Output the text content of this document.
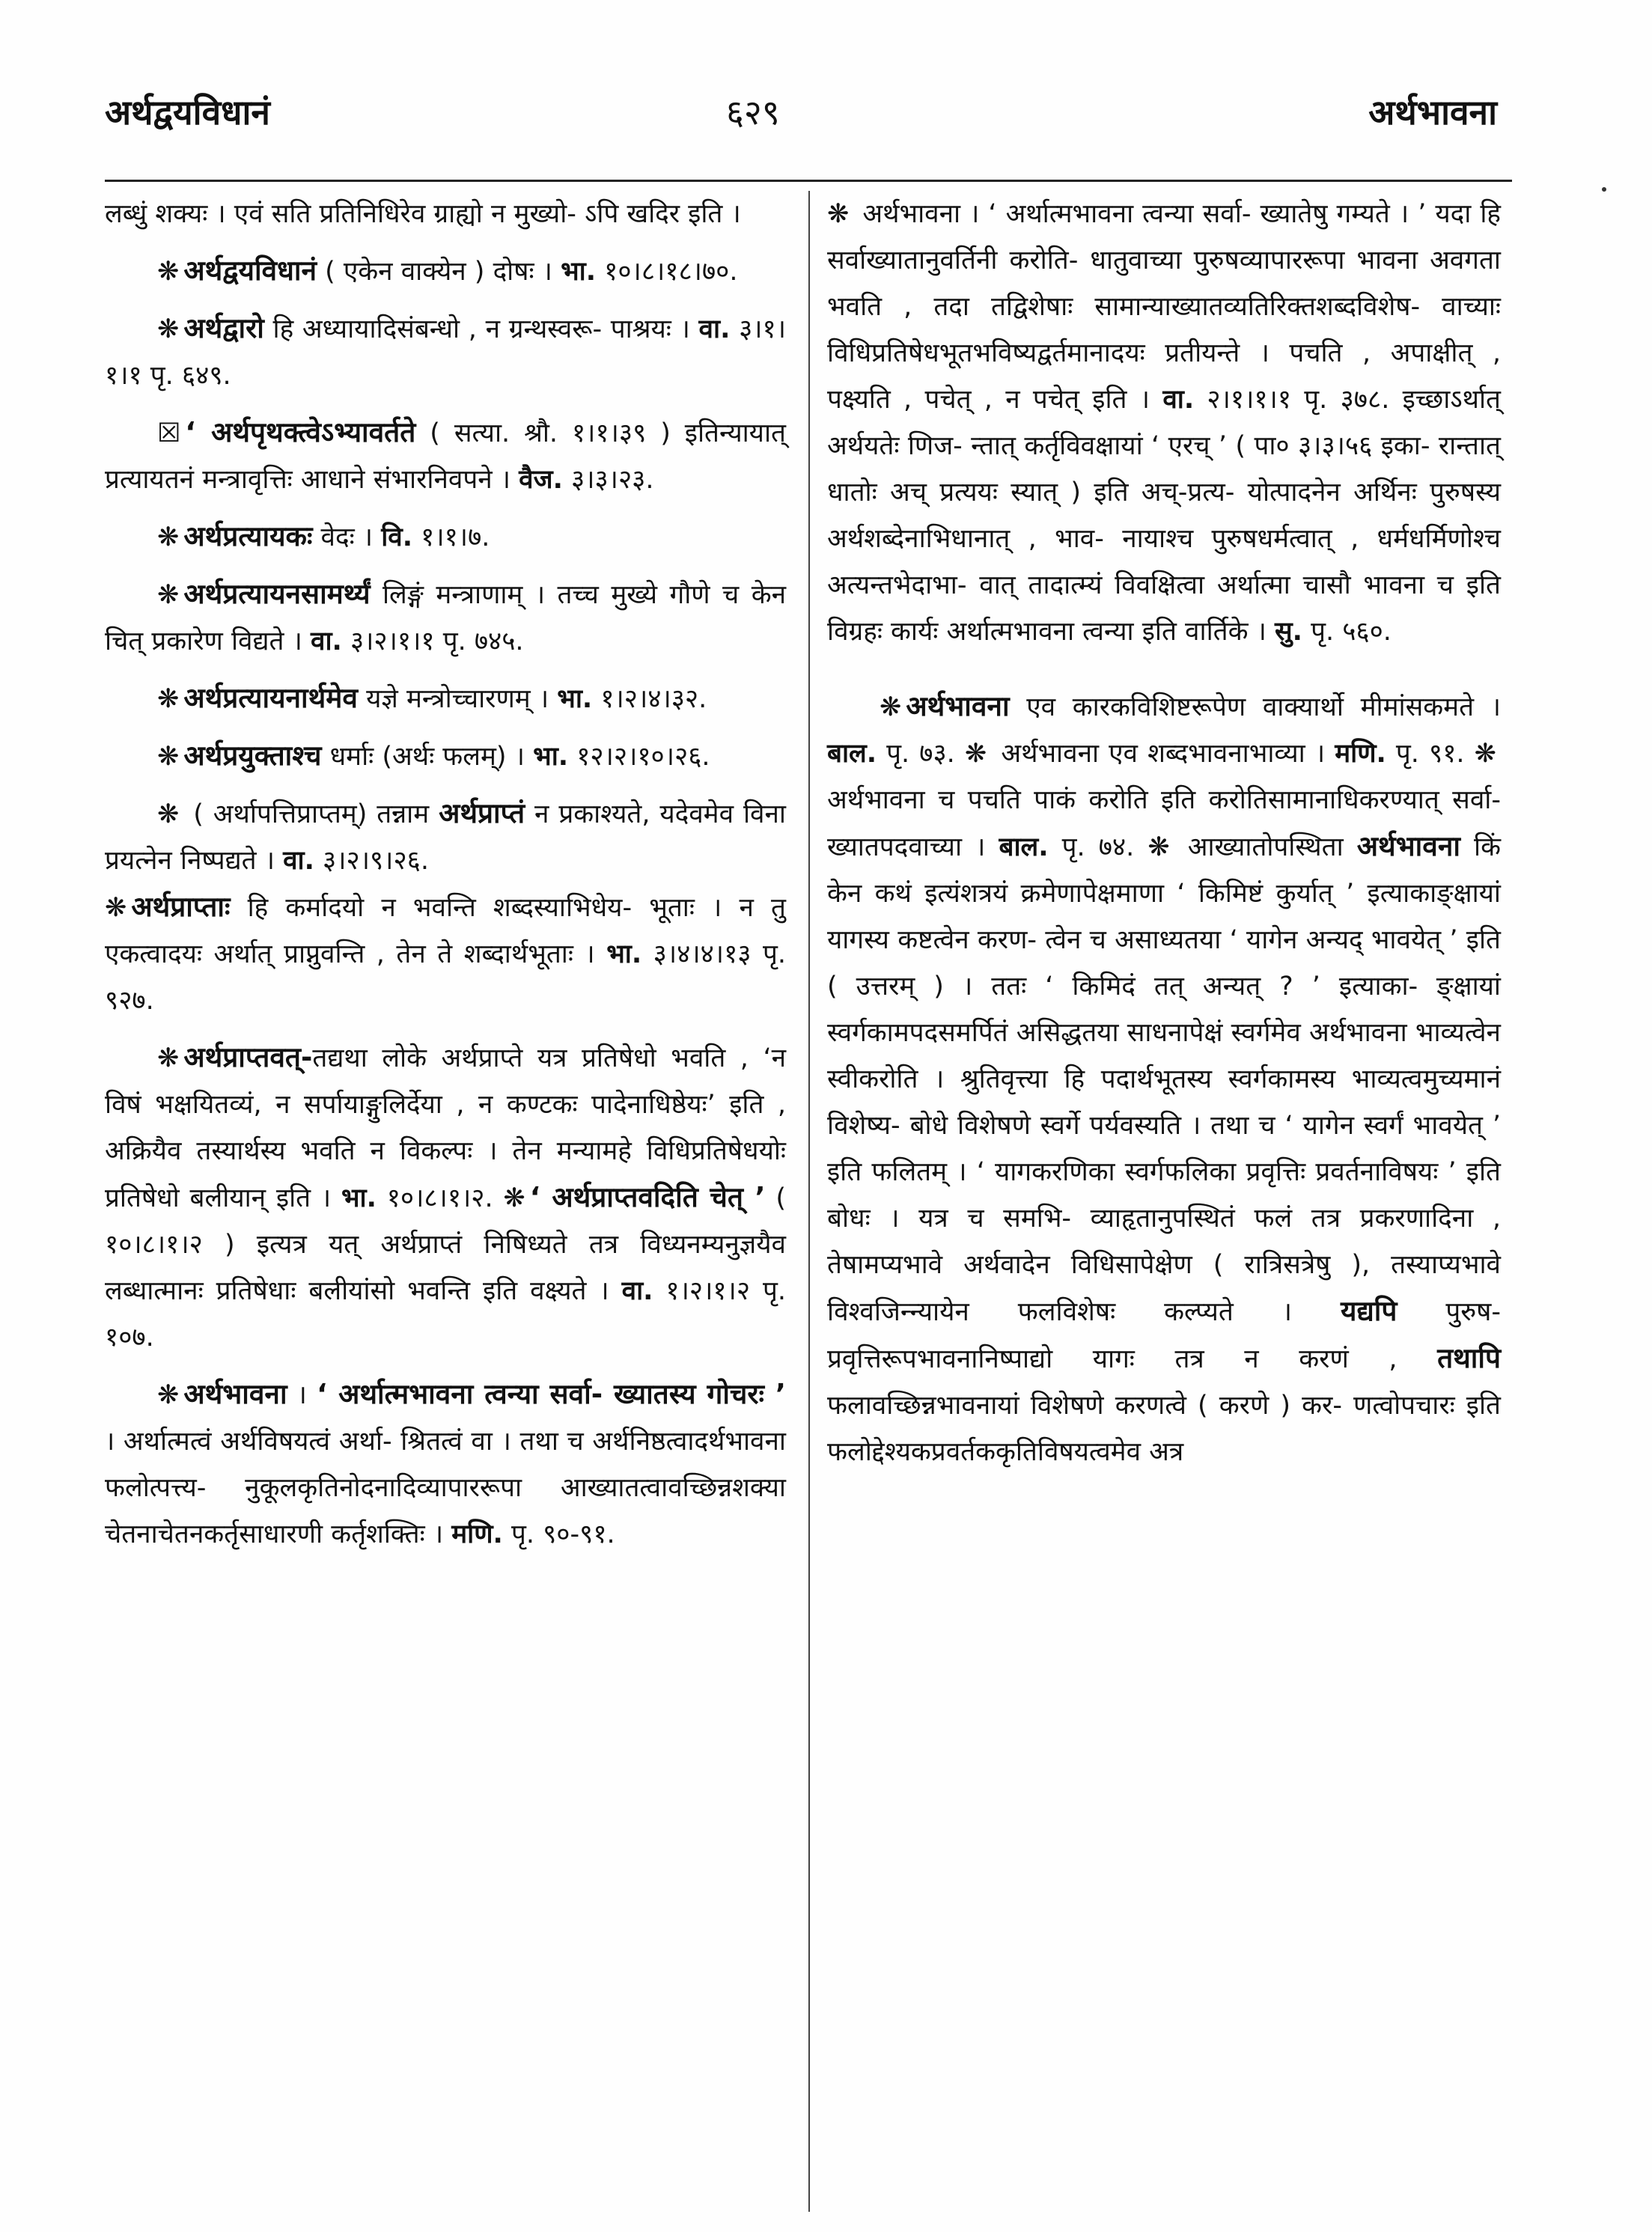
अर्थद्वयविधानं	६२९	अर्थभावना

लब्धुं शक्यः । एवं सति प्रतिनिधिरेव ग्राह्यो न मुख्यो- ऽपि खदिर इति ।

❋ अर्थद्वयविधानं ( एकेन वाक्येन ) दोषः । भा. १०।८।१८।७०.

❋ अर्थद्वारो हि अध्यायादिसंबन्धो , न ग्रन्थस्वरू- पाश्रयः । वा. ३।१।१।१ पृ. ६४९.

☒ ‘ अर्थपृथक्त्वेऽभ्यावर्तते ( सत्या. श्रौ. १।१।३९ ) इतिन्यायात् प्रत्यायतनं मन्त्रावृत्तिः आधाने संभारनिवपने । वैज. ३।३।२३.

❋ अर्थप्रत्यायकः वेदः । वि. १।१।७.

❋ अर्थप्रत्यायनसामर्थ्यं लिङ्गं मन्त्राणाम् । तच्च मुख्ये गौणे च केन चित् प्रकारेण विद्यते । वा. ३।२।१।१ पृ. ७४५.

❋ अर्थप्रत्यायनार्थमेव यज्ञे मन्त्रोच्चारणम् । भा. १।२।४।३२.

❋ अर्थप्रयुक्ताश्च धर्माः (अर्थः फलम्) । भा. १२।२।१०।२६.

❋ ( अर्थापत्तिप्राप्तम्) तन्नाम अर्थप्राप्तं न प्रकाश्यते, यदेवमेव विना प्रयत्नेन निष्पद्यते । वा. ३।२।९।२६.

❋ अर्थप्राप्ताः हि कर्मादयो न भवन्ति शब्दस्याभिधेय- भूताः । न तु एकत्वादयः अर्थात् प्राप्नुवन्ति , तेन ते शब्दार्थभूताः । भा. ३।४।४।१३ पृ. ९२७.

❋ अर्थप्राप्तवत्-तद्यथा लोके अर्थप्राप्ते यत्र प्रतिषेधो भवति , ‘न विषं भक्षयितव्यं, न सर्पायाङ्गुलिर्देया , न कण्टकः पादेनाधिष्ठेयः’ इति , अक्रियैव तस्यार्थस्य भवति न विकल्पः । तेन मन्यामहे विधिप्रतिषेधयोः प्रतिषेधो बलीयान् इति । भा. १०।८।१।२. ❋ ‘ अर्थप्राप्तवदिति चेत् ’ ( १०।८।१।२ ) इत्यत्र यत् अर्थप्राप्तं निषिध्यते तत्र विध्यनम्यनुज्ञयैव लब्धात्मानः प्रतिषेधाः बलीयांसो भवन्ति इति वक्ष्यते । वा. १।२।१।२ पृ. १०७.

❋ अर्थभावना । ‘ अर्थात्मभावना त्वन्या सर्वा- ख्यातस्य गोचरः ’ । अर्थात्मत्वं अर्थविषयत्वं अर्था- श्रितत्वं वा । तथा च अर्थनिष्ठत्वादर्थभावना फलोत्पत्त्य- नुकूलकृतिनोदनादिव्यापाररूपा आख्यातत्वावच्छिन्नशक्या चेतनाचेतनकर्तृसाधारणी कर्तृशक्तिः । मणि. पृ. ९०-९१.

❋ अर्थभावना । ‘ अर्थात्मभावना त्वन्या सर्वा- ख्यातेषु गम्यते । ’ यदा हि सर्वाख्यातानुवर्तिनी करोति- धातुवाच्या पुरुषव्यापाररूपा भावना अवगता भवति , तदा तद्विशेषाः सामान्याख्यातव्यतिरिक्तशब्दविशेष- वाच्याः विधिप्रतिषेधभूतभविष्यद्वर्तमानादयः प्रतीयन्ते । पचति , अपाक्षीत् , पक्ष्यति , पचेत् , न पचेत् इति । वा. २।१।१।१ पृ. ३७८. इच्छाऽर्थात् अर्थयतेः णिज- न्तात् कर्तृविवक्षायां ‘ एरच् ’ ( पा० ३।३।५६ इका- रान्तात् धातोः अच् प्रत्ययः स्यात् ) इति अच्-प्रत्य- योत्पादनेन अर्थिनः पुरुषस्य अर्थशब्देनाभिधानात् , भाव- नायाश्च पुरुषधर्मत्वात् , धर्मधर्मिणोश्च अत्यन्तभेदाभा- वात् तादात्म्यं विवक्षित्वा अर्थात्मा चासौ भावना च इति विग्रहः कार्यः अर्थात्मभावना त्वन्या इति वार्तिके । सु. पृ. ५६०.

❋ अर्थभावना एव कारकविशिष्टरूपेण वाक्यार्थो मीमांसकमते । बाल. पृ. ७३. ❋ अर्थभावना एव शब्दभावनाभाव्या । मणि. पृ. ९१. ❋ अर्थभावना च पचति पाकं करोति इति करोतिसामानाधिकरण्यात् सर्वा- ख्यातपदवाच्या । बाल. पृ. ७४. ❋ आख्यातोपस्थिता अर्थभावना किं केन कथं इत्यंशत्रयं क्रमेणापेक्षमाणा ‘ किमिष्टं कुर्यात् ’ इत्याकाङ्क्षायां यागस्य कष्टत्वेन करण- त्वेन च असाध्यतया ‘ यागेन अन्यद् भावयेत् ’ इति ( उत्तरम् ) । ततः ‘ किमिदं तत् अन्यत् ? ’ इत्याका- ङ्क्षायां स्वर्गकामपदसमर्पितं असिद्धतया साधनापेक्षं स्वर्गमेव अर्थभावना भाव्यत्वेन स्वीकरोति । श्रुतिवृत्त्या हि पदार्थभूतस्य स्वर्गकामस्य भाव्यत्वमुच्यमानं विशेष्य- बोधे विशेषणे स्वर्गे पर्यवस्यति । तथा च ‘ यागेन स्वर्गं भावयेत् ’ इति फलितम् । ‘ यागकरणिका स्वर्गफलिका प्रवृत्तिः प्रवर्तनाविषयः ’ इति बोधः । यत्र च समभि- व्याहृतानुपस्थितं फलं तत्र प्रकरणादिना , तेषामप्यभावे अर्थवादेन विधिसापेक्षेण ( रात्रिसत्रेषु ), तस्याप्यभावे विश्वजिन्न्यायेन फलविशेषः कल्प्यते । यद्यपि पुरुष- प्रवृत्तिरूपभावनानिष्पाद्यो यागः तत्र न करणं , तथापि फलावच्छिन्नभावनायां विशेषणे करणत्वे ( करणे ) कर- णत्वोपचारः इति फलोद्देश्यकप्रवर्तककृतिविषयत्वमेव अत्र
